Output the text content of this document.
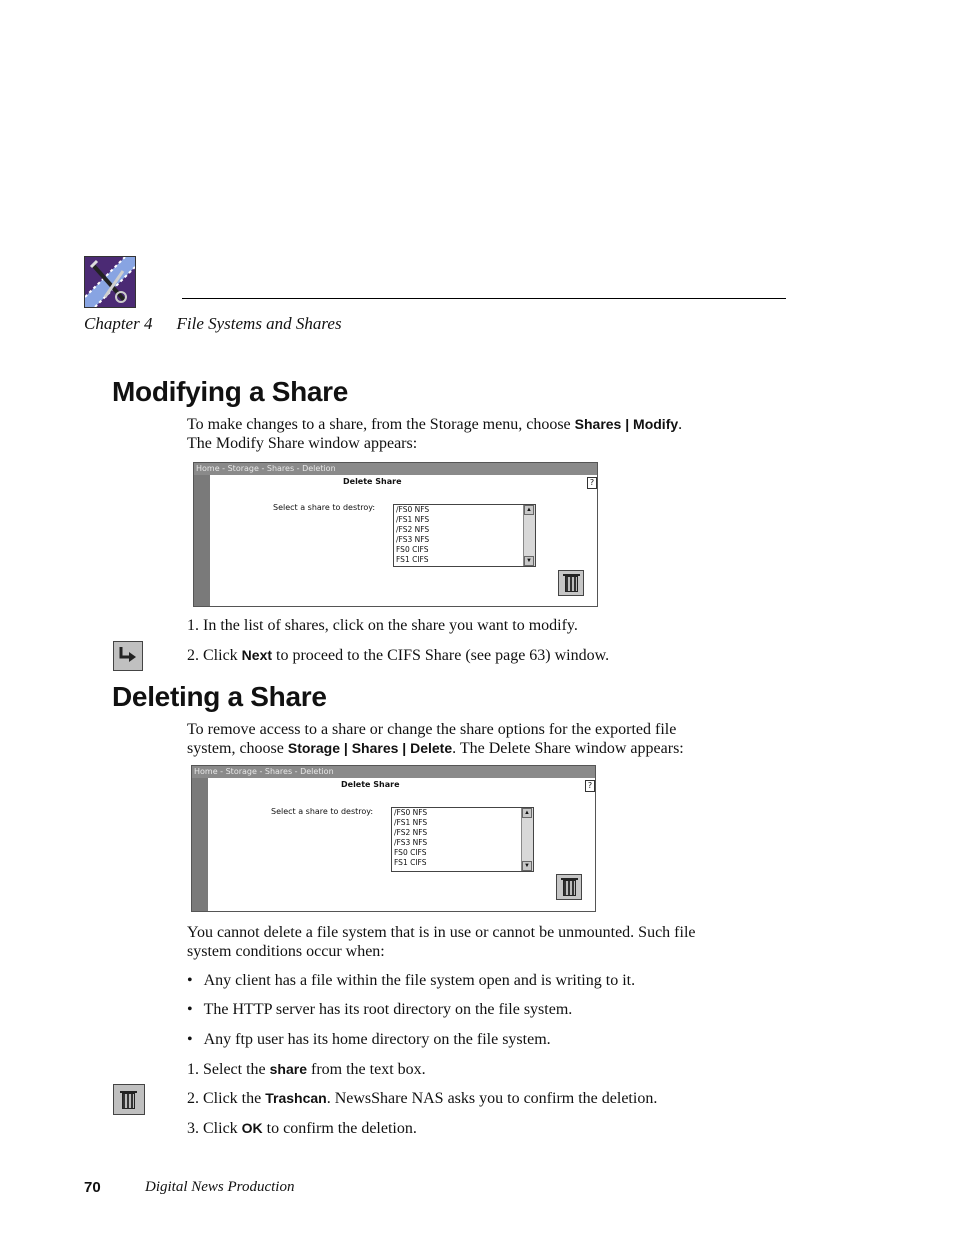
Chapter 4 File Systems and Shares
Modifying a Share
To make changes to a share, from the Storage menu, choose Shares | Modify.
The Modify Share window appears:
Home - Storage - Shares - Deletion
Delete Share	?
Select a share to destroy:	/FS0 NFS
/FS1 NFS
/FS2 NFS
/FS3 NFS
FS0 CIFS
FS1 CIFS
▲
▼
1. In the list of shares, click on the share you want to modify.
2. Click Next to proceed to the CIFS Share (see page 63) window.
Deleting a Share
To remove access to a share or change the share options for the exported file
system, choose Storage | Shares | Delete. The Delete Share window appears:
Home - Storage - Shares - Deletion
Delete Share	?
Select a share to destroy:	/FS0 NFS
/FS1 NFS
/FS2 NFS
/FS3 NFS
FS0 CIFS
FS1 CIFS
▲
▼
You cannot delete a file system that is in use or cannot be unmounted. Such file
system conditions occur when:
• Any client has a file within the file system open and is writing to it.
• The HTTP server has its root directory on the file system.
• Any ftp user has its home directory on the file system.
1. Select the share from the text box.
2. Click the Trashcan. NewsShare NAS asks you to confirm the deletion.
3. Click OK to confirm the deletion.
70	Digital News Production
